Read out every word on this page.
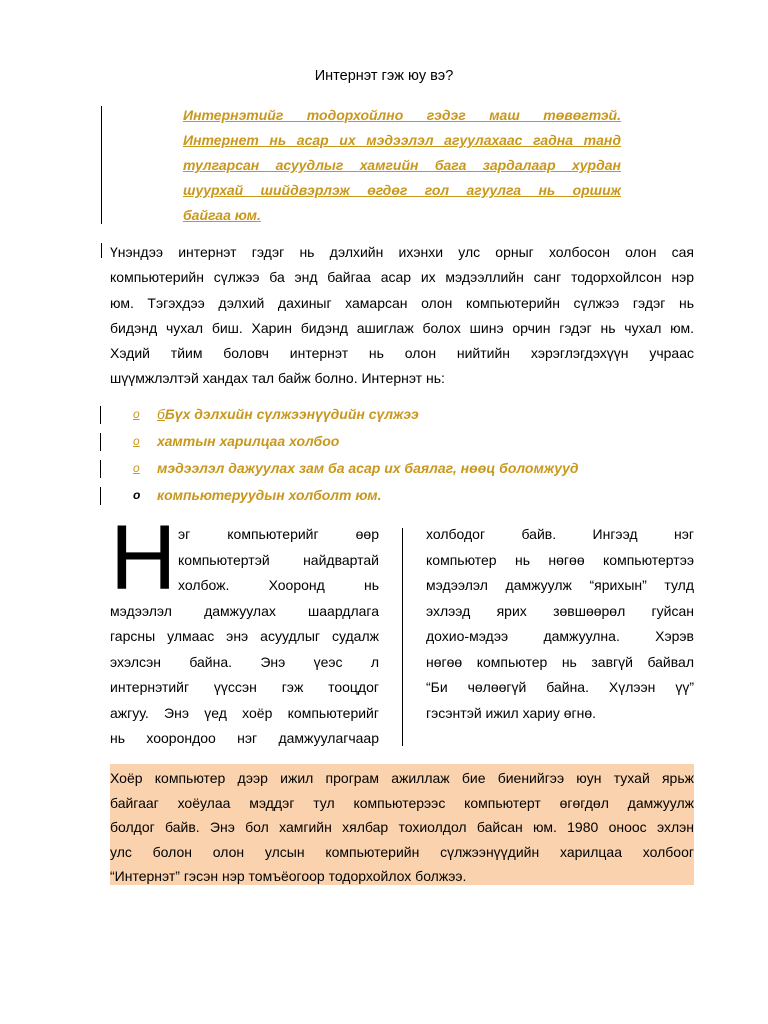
Интернэт гэж юу вэ?
Интернэтийг тодорхойлно гэдэг маш төвөгтэй.
Интернет нь асар их мэдээлэл агуулахаас гадна танд
тулгарсан асуудлыг хамгийн бага зардалаар хурдан
шуурхай шийдвэрлэж өгдөг гол агуулга нь оршиж
байгаа юм.
Үнэндээ интернэт гэдэг нь дэлхийн ихэнхи улс орныг холбосон олон сая
компьютерийн сүлжээ ба энд байгаа асар их мэдээллийн санг тодорхойлсон нэр
юм. Тэгэхдээ дэлхий дахиныг хамарсан олон компьютерийн сүлжээ гэдэг нь
бидэнд чухал биш. Харин бидэнд ашиглаж болох шинэ орчин гэдэг нь чухал юм.
Хэдий тйим боловч интернэт нь олон нийтийн хэрэглэгдэхүүн учраас
шүүмжлэлтэй хандах тал байж болно. Интернэт нь:
o бБүх дэлхийн сүлжээнүүдийн сүлжээ
o хамтын харилцаа холбоо
o мэдээлэл дажуулах зам ба асар их баялаг, нөөц боломжууд
o компьютеруудын холболт юм.
Н эг компьютерийг өөр
компьютертэй найдвартай
холбож. Хооронд нь
мэдээлэл дамжуулах шаардлага
гарсны улмаас энэ асуудлыг судалж
эхэлсэн байна. Энэ үеэс л
интернэтийг үүссэн гэж тооцдог
ажгуу. Энэ үед хоёр компьютерийг
нь хоорондоо нэг дамжуулагчаар
холбодог байв. Ингээд нэг
компьютер нь нөгөө компьютертээ
мэдээлэл дамжуулж “ярихын” тулд
эхлээд ярих зөвшөөрөл гуйсан
дохио-мэдээ дамжуулна. Хэрэв
нөгөө компьютер нь завгүй байвал
“Би чөлөөгүй байна. Хүлээн үү”
гэсэнтэй ижил хариу өгнө.
Хоёр компьютер дээр ижил програм ажиллаж бие биенийгээ юун тухай ярьж
байгааг хоёулаа мэддэг тул компьютерээс компьютерт өгөгдөл дамжуулж
болдог байв. Энэ бол хамгийн хялбар тохиолдол байсан юм. 1980 оноос эхлэн
улс болон олон улсын компьютерийн сүлжээнүүдийн харилцаа холбоог
“Интернэт” гэсэн нэр томъёогоор тодорхойлох болжээ.
